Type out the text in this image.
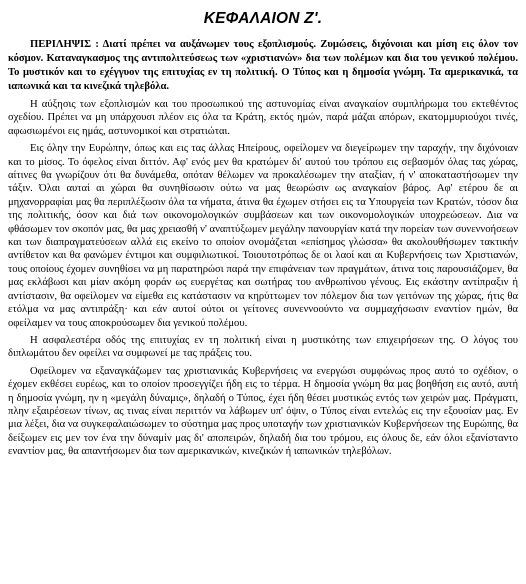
ΚΕΦΑΛΑΙΟΝ Ζ'.

ΠΕΡΙΛΗΨΙΣ : Διατί πρέπει να αυξάνωμεν τους εξοπλισμούς. Ζυμώσεις, διχόνοιαι και μίση εις όλον τον κόσμον. Καταναγκασμος της αντιπολιτεύσεως των «χριστιανών» δια των πολέμων και δια του γενικού πολέμου. Το μυστικόν και το εχέγγυον της επιτυχίας εν τη πολιτική. Ο Τύπος και η δημοσία γνώμη. Τα αμερικανικά, τα ιαπωνικά και τα κινεζικά τηλεβόλα.

Η αύξησις των εξοπλισμών και του προσωπικού της αστυνομίας είναι αναγκαίον συμπλήρωμα του εκτεθέντος σχεδίου. Πρέπει να μη υπάρχουσι πλέον εις όλα τα Κράτη, εκτός ημών, παρά μάζαι απόρων, εκατομμυριούχοι τινές, αφωσιωμένοι εις ημάς, αστυνομικοί και στρατιώται.

Εις όλην την Ευρώπην, όπως και εις τας άλλας Ηπείρους, οφείλομεν να διεγείρωμεν την ταραχήν, την διχόνοιαν και το μίσος. Το όφελος είναι διττόν. Αφ' ενός μεν θα κρατώμεν δι' αυτού του τρόπου εις σεβασμόν όλας τας χώρας, αίτινες θα γνωρίζουν ότι θα δυνάμεθα, οπόταν θέλωμεν να προκαλέσωμεν την αταξίαν, ή ν' αποκαταστήσωμεν την τάξιν. Όλαι αυταί αι χώραι θα συνηθίσωσιν ούτω να μας θεωρώσιν ως αναγκαίον βάρος. Αφ' ετέρου δε αι μηχανορραφίαι μας θα περιπλέξωσιν όλα τα νήματα, άτινα θα έχωμεν στήσει εις τα Υπουργεία των Κρατών, τόσον δια της πολιτικής, όσον και διά των οικονομολογικών συμβάσεων και των οικονομολογικών υποχρεώσεων. Δια να φθάσωμεν τον σκοπόν μας, θα μας χρειασθή ν' αναπτύξωμεν μεγάλην πανουργίαν κατά την πορείαν των συνεννοήσεων και των διαπραγματεύσεων αλλά εις εκείνο το οποίον ονομάζεται «επίσημος γλώσσα» θα ακολουθήσωμεν τακτικήν αντίθετον και θα φανώμεν έντιμοι και συμφιλιωτικοί. Τοιουτοτρόπως δε οι λαοί και αι Κυβερνήσεις των Χριστιανών, τους οποίους έχομεν συνηθίσει να μη παρατηρώσι παρά την επιφάνειαν των πραγμάτων, άτινα τοις παρουσιάζομεν, θα μας εκλάβωσι και μίαν ακόμη φοράν ως ευεργέτας και σωτήρας του ανθρωπίνου γένους. Εις εκάστην αντίπραξιν ή αντίστασιν, θα οφείλομεν να είμεθα εις κατάστασιν να κηρύττωμεν τον πόλεμον δια των γειτόνων της χώρας, ήτις θα ετόλμα να μας αντιπράξη· και εάν αυτοί ούτοι οι γείτονες συνεννοούντο να συμμαχήσωσιν εναντίον ημών, θα οφείλαμεν να τους αποκρούσωμεν δια γενικού πολέμου.

Η ασφαλεστέρα οδός της επιτυχίας εν τη πολιτική είναι η μυστικότης των επιχειρήσεων της. Ο λόγος του διπλωμάτου δεν οφείλει να συμφωνεί με τας πράξεις του.

Οφείλομεν να εξαναγκάζωμεν τας χριστιανικάς Κυβερνήσεις να ενεργώσι συμφώνως προς αυτό το σχέδιον, ο έχομεν εκθέσει ευρέως, και το οποίον προσεγγίζει ήδη εις το τέρμα. Η δημοσία γνώμη θα μας βοηθήση εις αυτό, αυτή η δημοσία γνώμη, ην η «μεγάλη δύναμις», δηλαδή ο Τύπος, έχει ήδη θέσει μυστικώς εντός των χειρών μας. Πράγματι, πλην εξαιρέσεων τίνων, ας τινας είναι περιττόν να λάβωμεν υπ' όψιν, ο Τύπος είναι εντελώς εις την εξουσίαν μας. Εν μια λέξει, δια να συγκεφαλαιώσωμεν το σύστημα μας προς υποταγήν των χριστιανικών Κυβερνήσεων της Ευρώπης, θα δείξωμεν εις μεν τον ένα την δύναμίν μας δι' αποπειρών, δηλαδή δια του τρόμου, εις όλους δε, εάν όλοι εξανίσταντο εναντίον μας, θα απαντήσωμεν δια των αμερικανικών, κινεζικών ή ιαπωνικών τηλεβόλων.
